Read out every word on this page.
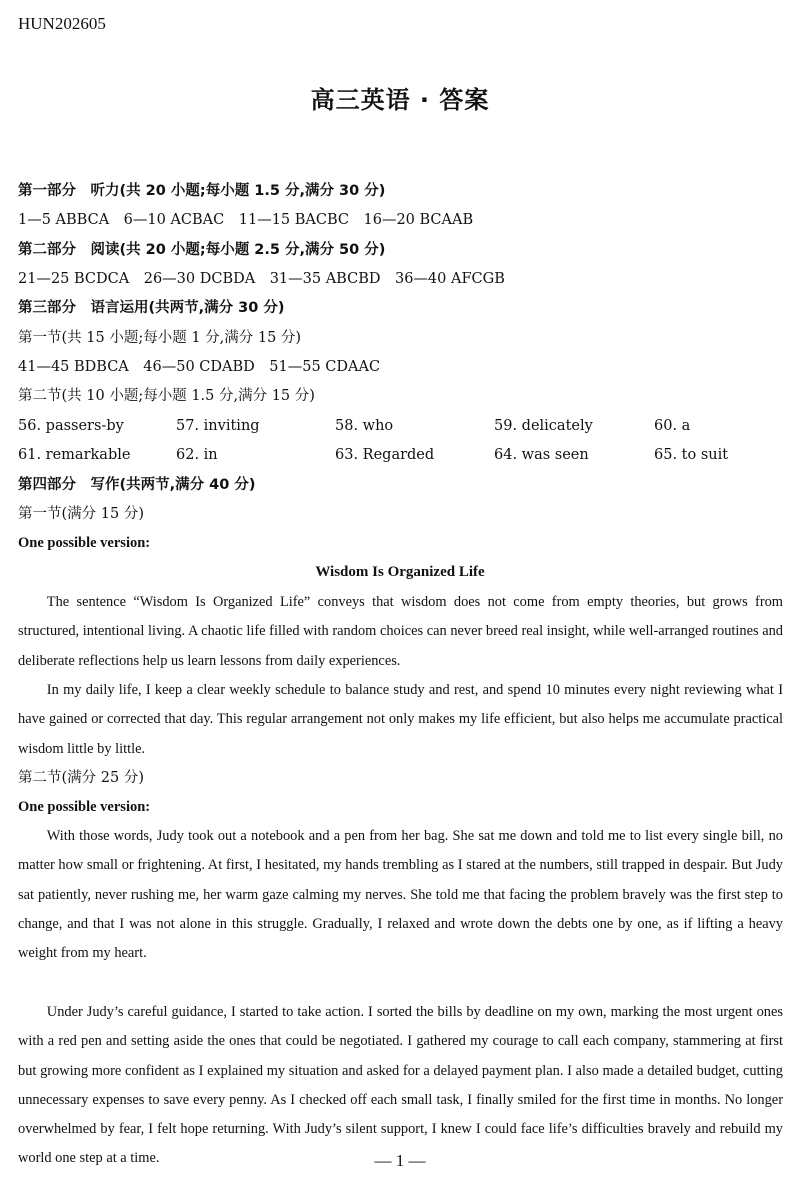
HUN202605
高三英语 · 答案
第一部分　听力(共 20 小题;每小题 1.5 分,满分 30 分)
1—5 ABBCA　6—10 ACBAC　11—15 BACBC　16—20 BCAAB
第二部分　阅读(共 20 小题;每小题 2.5 分,满分 50 分)
21—25 BCDCA　26—30 DCBDA　31—35 ABCBD　36—40 AFCGB
第三部分　语言运用(共两节,满分 30 分)
第一节(共 15 小题;每小题 1 分,满分 15 分)
41—45 BDBCA　46—50 CDABD　51—55 CDAAC
第二节(共 10 小题;每小题 1.5 分,满分 15 分)
56. passers-by	57. inviting	58. who	59. delicately	60. a
61. remarkable	62. in	63. Regarded	64. was seen	65. to suit
第四部分　写作(共两节,满分 40 分)
第一节(满分 15 分)
One possible version:
Wisdom Is Organized Life

The sentence “Wisdom Is Organized Life” conveys that wisdom does not come from empty theories, but grows from structured, intentional living. A chaotic life filled with random choices can never breed real insight, while well-arranged routines and deliberate reflections help us learn lessons from daily experiences.

In my daily life, I keep a clear weekly schedule to balance study and rest, and spend 10 minutes every night reviewing what I have gained or corrected that day. This regular arrangement not only makes my life efficient, but also helps me accumulate practical wisdom little by little.

第二节(满分 25 分)
One possible version:

With those words, Judy took out a notebook and a pen from her bag. She sat me down and told me to list every single bill, no matter how small or frightening. At first, I hesitated, my hands trembling as I stared at the numbers, still trapped in despair. But Judy sat patiently, never rushing me, her warm gaze calming my nerves. She told me that facing the problem bravely was the first step to change, and that I was not alone in this struggle. Gradually, I relaxed and wrote down the debts one by one, as if lifting a heavy weight from my heart.

Under Judy’s careful guidance, I started to take action. I sorted the bills by deadline on my own, marking the most urgent ones with a red pen and setting aside the ones that could be negotiated. I gathered my courage to call each company, stammering at first but growing more confident as I explained my situation and asked for a delayed payment plan. I also made a detailed budget, cutting unnecessary expenses to save every penny. As I checked off each small task, I finally smiled for the first time in months. No longer overwhelmed by fear, I felt hope returning. With Judy’s silent support, I knew I could face life’s difficulties bravely and rebuild my world one step at a time.	— 1 —
